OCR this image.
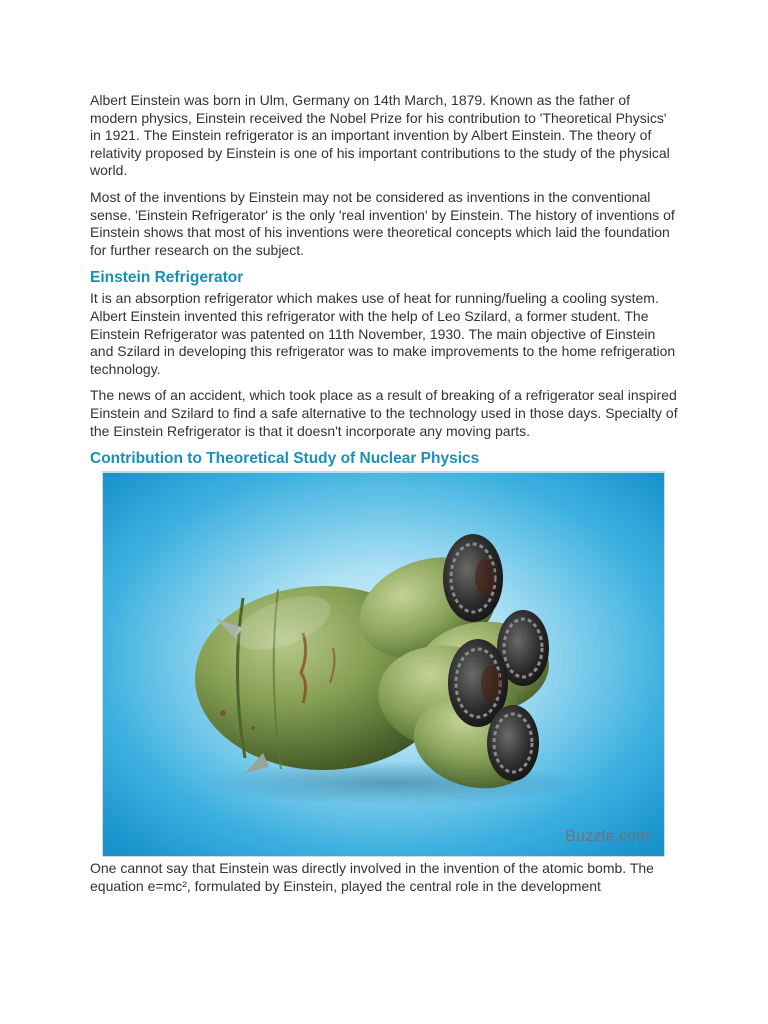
Albert Einstein was born in Ulm, Germany on 14th March, 1879. Known as the father of modern physics, Einstein received the Nobel Prize for his contribution to 'Theoretical Physics' in 1921. The Einstein refrigerator is an important invention by Albert Einstein. The theory of relativity proposed by Einstein is one of his important contributions to the study of the physical world.

Most of the inventions by Einstein may not be considered as inventions in the conventional sense. 'Einstein Refrigerator' is the only 'real invention' by Einstein. The history of inventions of Einstein shows that most of his inventions were theoretical concepts which laid the foundation for further research on the subject.

Einstein Refrigerator

It is an absorption refrigerator which makes use of heat for running/fueling a cooling system. Albert Einstein invented this refrigerator with the help of Leo Szilard, a former student. The Einstein Refrigerator was patented on 11th November, 1930. The main objective of Einstein and Szilard in developing this refrigerator was to make improvements to the home refrigeration technology.

The news of an accident, which took place as a result of breaking of a refrigerator seal inspired Einstein and Szilard to find a safe alternative to the technology used in those days. Specialty of the Einstein Refrigerator is that it doesn't incorporate any moving parts.

Contribution to Theoretical Study of Nuclear Physics
Buzzle.com

One cannot say that Einstein was directly involved in the invention of the atomic bomb. The equation e=mc², formulated by Einstein, played the central role in the development
